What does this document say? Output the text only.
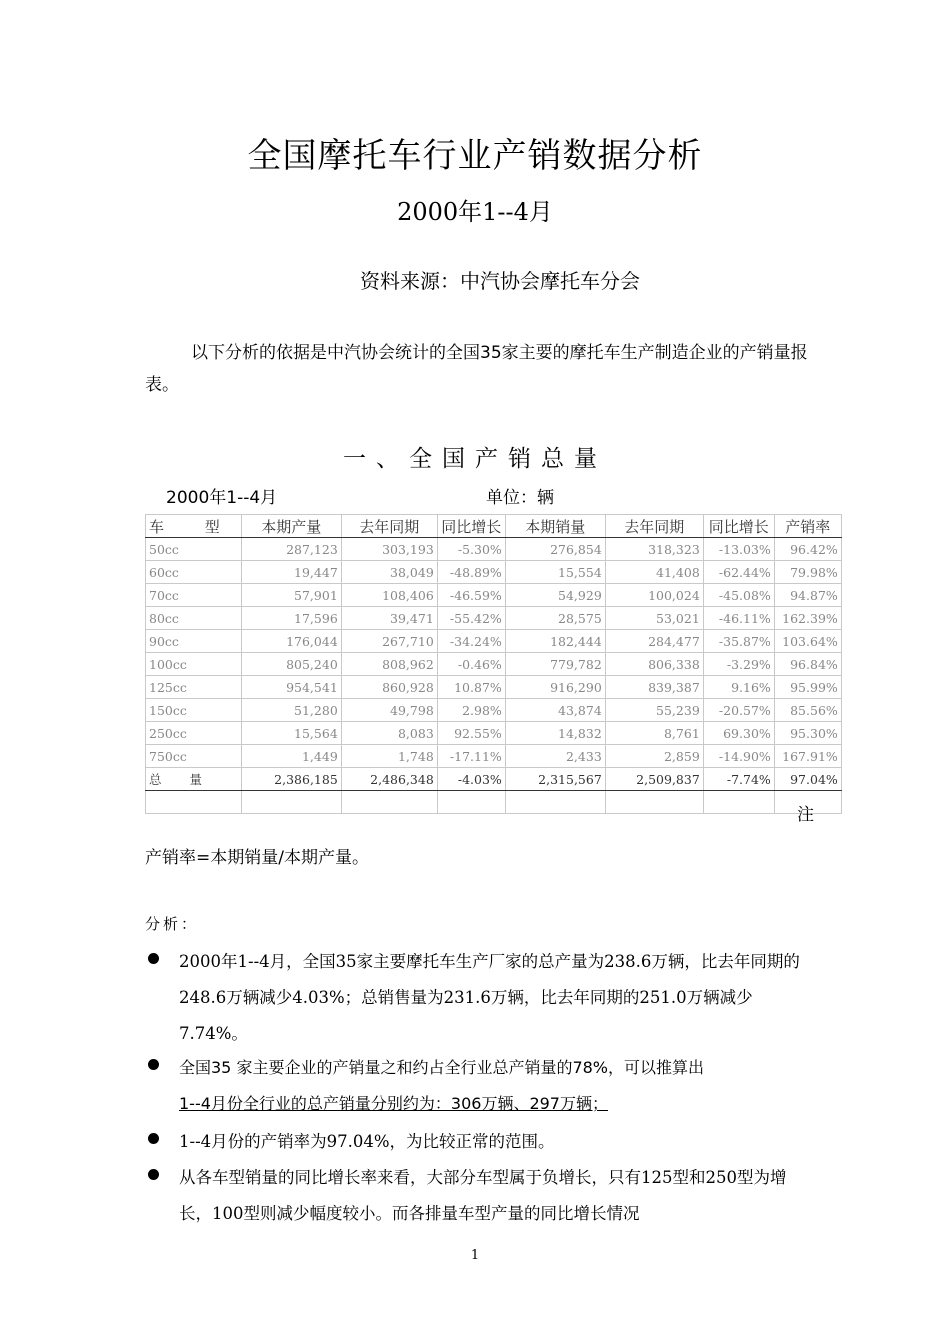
全国摩托车行业产销数据分析
2000年1--4月
资料来源：中汽协会摩托车分会
以下分析的依据是中汽协会统计的全国35家主要的摩托车生产制造企业的产销量报表。
一、全国产销总量
2000年1--4月	单位：辆
车 型	本期产量	去年同期	同比增长	本期销量	去年同期	同比增长	产销率
50cc	287,123	303,193	-5.30%	276,854	318,323	-13.03%	96.42%
60cc	19,447	38,049	-48.89%	15,554	41,408	-62.44%	79.98%
70cc	57,901	108,406	-46.59%	54,929	100,024	-45.08%	94.87%
80cc	17,596	39,471	-55.42%	28,575	53,021	-46.11%	162.39%
90cc	176,044	267,710	-34.24%	182,444	284,477	-35.87%	103.64%
100cc	805,240	808,962	-0.46%	779,782	806,338	-3.29%	96.84%
125cc	954,541	860,928	10.87%	916,290	839,387	9.16%	95.99%
150cc	51,280	49,798	2.98%	43,874	55,239	-20.57%	85.56%
250cc	15,564	8,083	92.55%	14,832	8,761	69.30%	95.30%
750cc	1,449	1,748	-17.11%	2,433	2,859	-14.90%	167.91%
总 量	2,386,185	2,486,348	-4.03%	2,315,567	2,509,837	-7.74%	97.04%

注
产销率=本期销量/本期产量。
分析：
2000年1--4月，全国35家主要摩托车生产厂家的总产量为238.6万辆，比去年同期的248.6万辆减少4.03%；总销售量为231.6万辆，比去年同期的251.0万辆减少7.74%。
全国35 家主要企业的产销量之和约占全行业总产销量的78%，可以推算出
1--4月份全行业的总产销量分别约为：306万辆、297万辆；
1--4月份的产销率为97.04%，为比较正常的范围。
从各车型销量的同比增长率来看，大部分车型属于负增长，只有125型和250型为增长，100型则减少幅度较小。而各排量车型产量的同比增长情况
1
